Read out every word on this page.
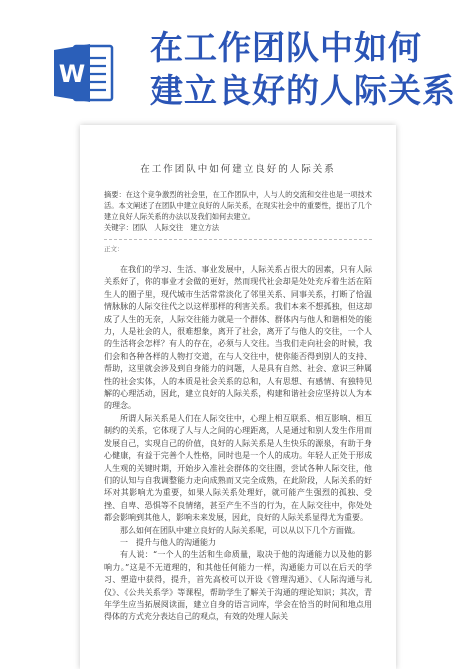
W
在工作团队中如何
建立良好的人际关系
在工作团队中如何建立良好的人际关系
摘要：在这个竞争激烈的社会里，在工作团队中，人与人的交流和交往也是一项技术活。本文阐述了在团队中建立良好的人际关系，在现实社会中的重要性，提出了几个建立良好人际关系的办法以及我们如何去建立。
关键字：团队　人际交往　建立方法
正文：

在我们的学习、生活、事业发展中，人际关系占很大的因素，只有人际关系好了，你的事业才会做的更好，然而现代社会却是处处充斥着生活在陌生人的圈子里，现代城市生活常常淡化了邻里关系、同事关系，打断了恰温情脉脉的人际交往代之以这样那样的利害关系。我们本来不想孤独，但这却成了人生的无奈，人际交往能力就是一个群体、群体内与他人和谐相处的能力，人是社会的人，很难想象，离开了社会，离开了与他人的交往，一个人的生活将会怎样？有人的存在，必须与人交往。当我们走向社会的时候，我们会和各种各样的人物打交道，在与人交往中，使你能否得到别人的支持、帮助，这里就会涉及到自身能力的问题，人是具有自然、社会、意识三种属性的社会实体，人的本质是社会关系的总和，人有思想、有感情、有独特见解的心理活动，因此，建立良好的人际关系，构建和谐社会应坚持以人为本的理念。

所谓人际关系是人们在人际交往中，心理上相互联系、相互影响、相互制约的关系，它体现了人与人之间的心理距离，人是通过和别人发生作用而发展自己，实现自己的价值，良好的人际关系是人生快乐的源泉，有助于身心健康，有益于完善个人性格，同时也是一个人的成功。年轻人正处于形成人生观的关键时期，开始步入准社会群体的交往圈，尝试各种人际交往，他们的认知与自我调整能力走向成熟而又完全成熟，在此阶段，人际关系的好坏对其影响尤为重要，如果人际关系处理好，就可能产生强烈的孤独、受挫、自卑、恐惧等不良情绪，甚至产生不当的行为，在人际交往中，你处处都会影响到其他人，影响未来发展，因此，良好的人际关系显得尤为重要。

那么如何在团队中建立良好的人际关系呢，可以从以下几个方面做。

一　提升与他人的沟通能力

有人说：“一个人的生活和生命质量，取决于他的沟通能力以及他的影响力。”这是不无道理的，和其他任何能力一样，沟通能力可以在后天的学习、塑造中获得，提升，首先高校可以开设《管理沟通》、《人际沟通与礼仪》、《公共关系学》等课程，帮助学生了解关于沟通的理论知识；其次，青年学生应当拓展阅读面，建立自身的语言词库，学会在恰当的时间和地点用得体的方式充分表达自己的观点，有效的处理人际关
